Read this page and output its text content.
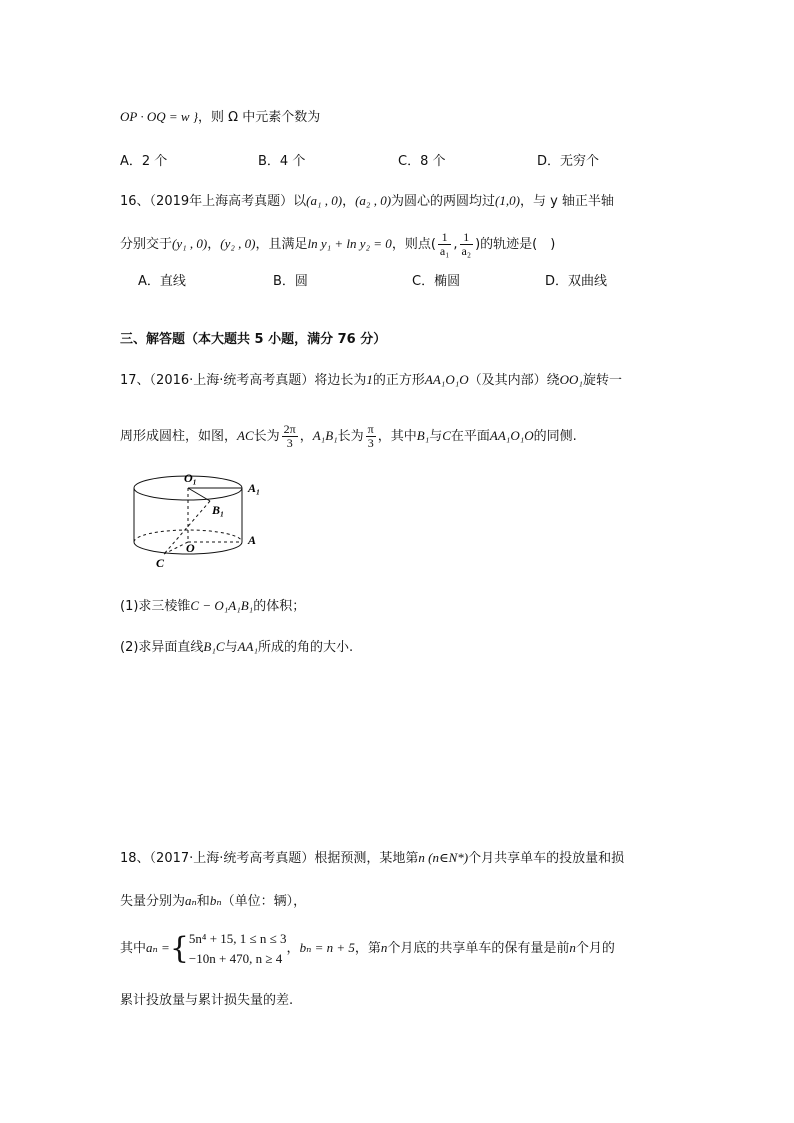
OP · OQ = w }，则 Ω 中元素个数为
A．2 个	B．4 个	C．8 个	D．无穷个
16、（2019年上海高考真题）以(a₁ , 0)，(a₂ , 0)为圆心的两圆均过(1,0)，与 y 轴正半轴
分别交于(y₁ , 0)，(y₂ , 0)，且满足ln y₁ + ln y₂ = 0，则点( $\frac{1}{\text{a₁}}$ , $\frac{1}{\text{a₂}}$ )的轨迹是(　)
A．直线	B．圆	C．椭圆	D．双曲线
三、解答题（本大题共 5 小题，满分 76 分）
17、（2016·上海·统考高考真题）将边长为1的正方形AA₁O₁O（及其内部）绕OO₁旋转一
周形成圆柱，如图，AC长为 $\frac{2\pi}{3}$ ，A₁B₁长为 $\frac{\pi}{3}$ ，其中B₁与C在平面AA₁O₁O的同侧.
O₁
A₁
B₁
O
A
C
(1)求三棱锥C − O₁A₁B₁的体积；
(2)求异面直线B₁C与AA₁所成的角的大小.
18、（2017·上海·统考高考真题）根据预测，某地第n (n∈N*)个月共享单车的投放量和损
失量分别为aₙ和bₙ（单位：辆），
其中aₙ ={ 5n⁴ + 15, 1 ≤ n ≤ 3
−10n + 470, n ≥ 4
，bₙ = n + 5，第n个月底的共享单车的保有量是前n个月的
累计投放量与累计损失量的差.
